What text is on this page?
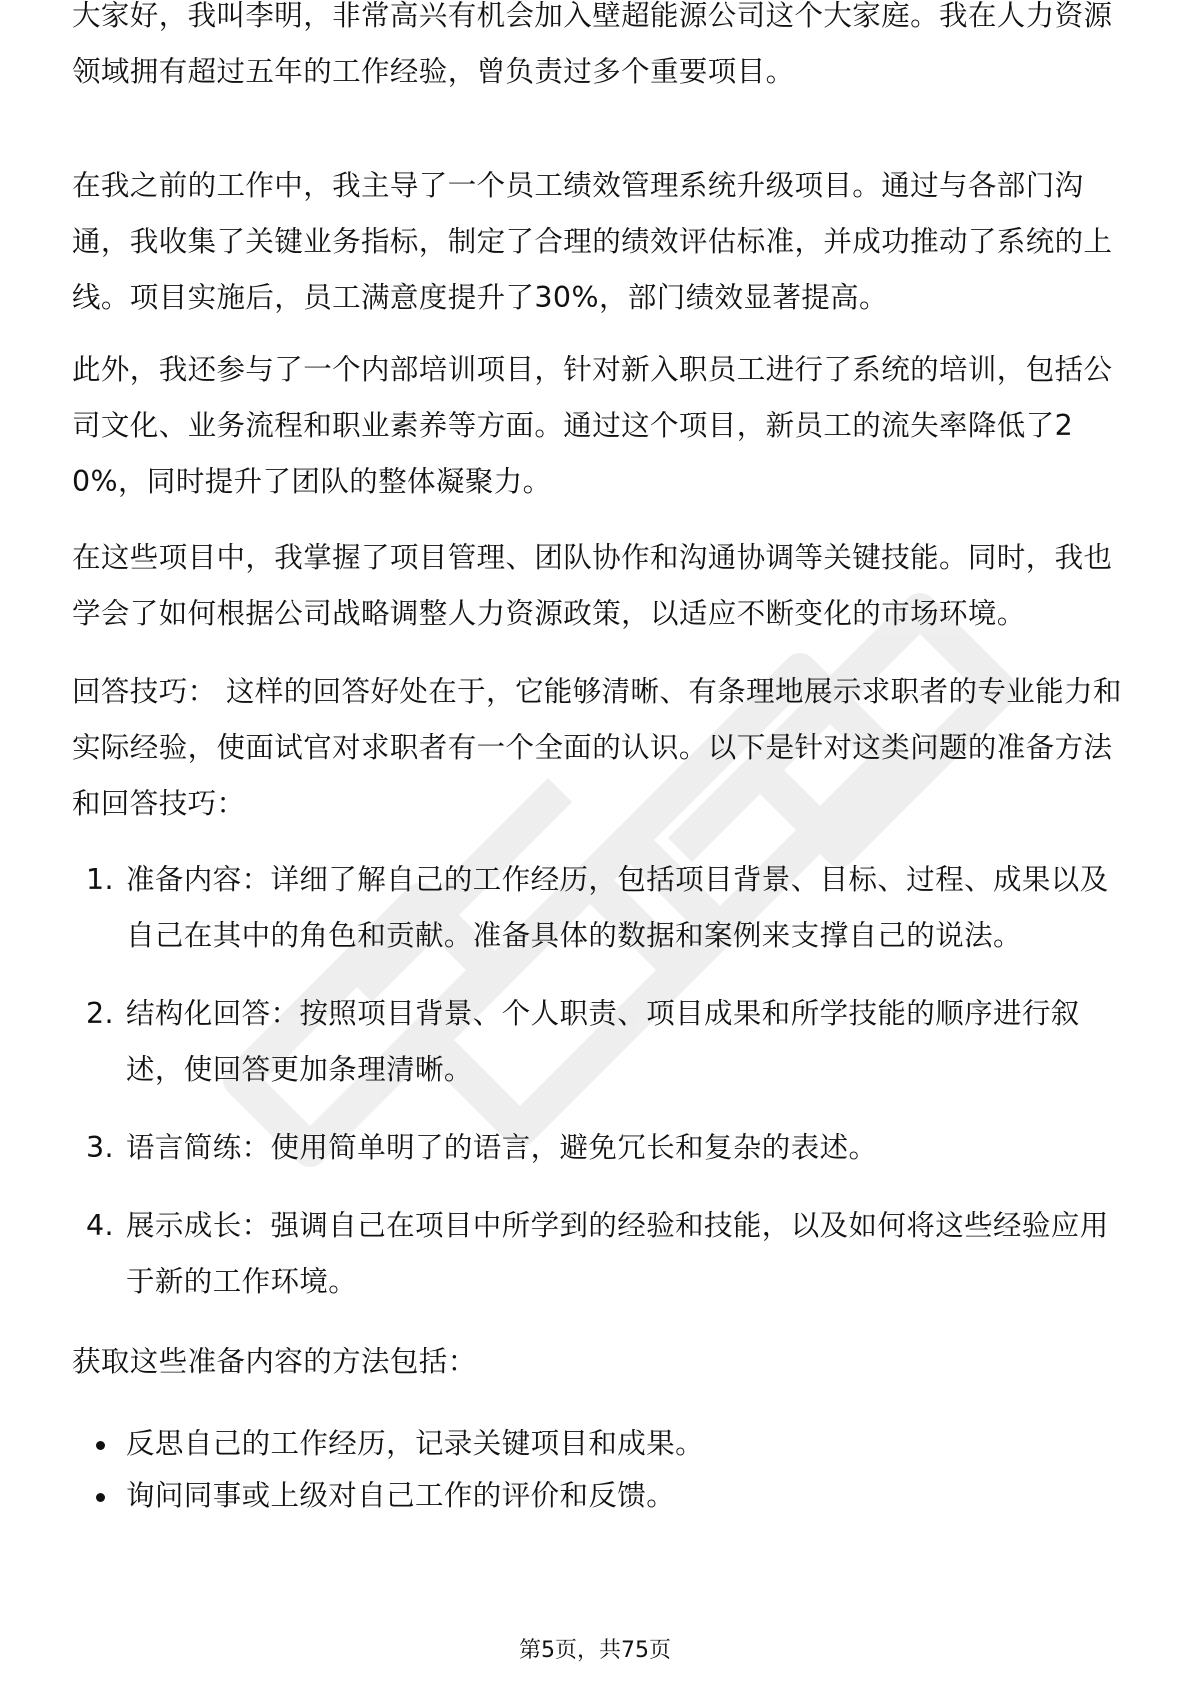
大家好，我叫李明，非常高兴有机会加入壁超能源公司这个大家庭。我在人力资源领域拥有超过五年的工作经验，曾负责过多个重要项目。

在我之前的工作中，我主导了一个员工绩效管理系统升级项目。通过与各部门沟通，我收集了关键业务指标，制定了合理的绩效评估标准，并成功推动了系统的上线。项目实施后，员工满意度提升了30%，部门绩效显著提高。

此外，我还参与了一个内部培训项目，针对新入职员工进行了系统的培训，包括公司文化、业务流程和职业素养等方面。通过这个项目，新员工的流失率降低了20%，同时提升了团队的整体凝聚力。

在这些项目中，我掌握了项目管理、团队协作和沟通协调等关键技能。同时，我也学会了如何根据公司战略调整人力资源政策，以适应不断变化的市场环境。

回答技巧： 这样的回答好处在于，它能够清晰、有条理地展示求职者的专业能力和实际经验，使面试官对求职者有一个全面的认识。以下是针对这类问题的准备方法和回答技巧：

1. 准备内容：详细了解自己的工作经历，包括项目背景、目标、过程、成果以及自己在其中的角色和贡献。准备具体的数据和案例来支撑自己的说法。
2. 结构化回答：按照项目背景、个人职责、项目成果和所学技能的顺序进行叙述，使回答更加条理清晰。
3. 语言简练：使用简单明了的语言，避免冗长和复杂的表述。
4. 展示成长：强调自己在项目中所学到的经验和技能，以及如何将这些经验应用于新的工作环境。

获取这些准备内容的方法包括：

反思自己的工作经历，记录关键项目和成果。
询问同事或上级对自己工作的评价和反馈。
第5页，共75页
